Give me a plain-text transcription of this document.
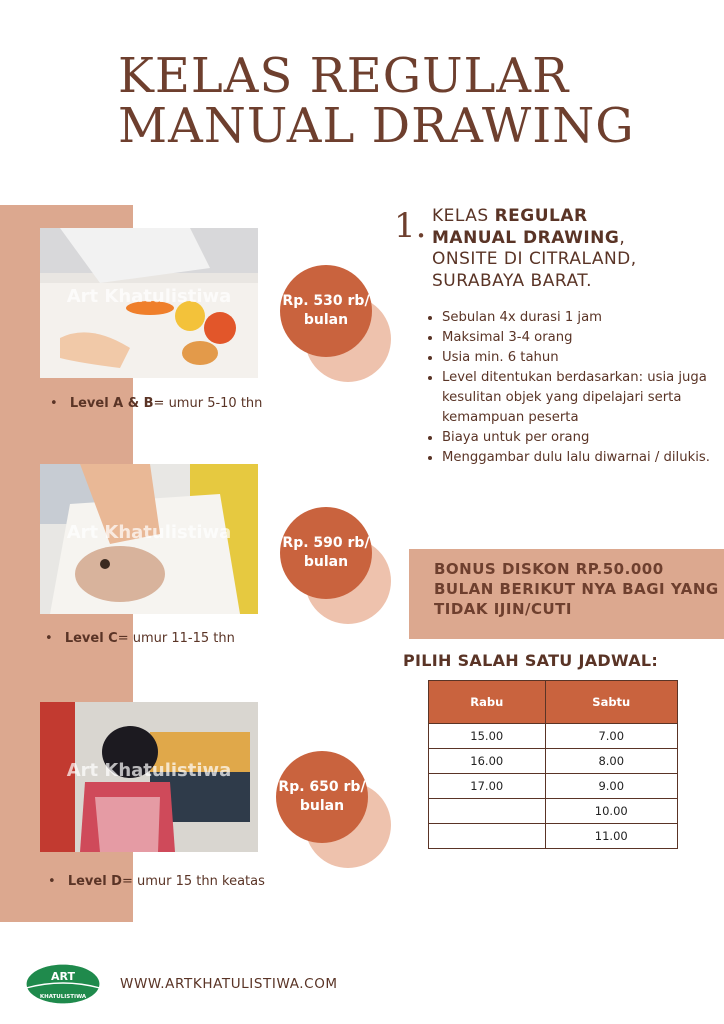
KELAS REGULAR
MANUAL DRAWING
Art Khatulistiwa	Rp. 530 rb/
bulan
• Level A & B= umur 5-10 thn
Art Khatulistiwa
Rp. 590 rb/
bulan
• Level C= umur 11-15 thn
Art Khatulistiwa
Rp. 650 rb/
bulan
• Level D= umur 15 thn keatas
1. KELAS REGULAR
MANUAL DRAWING,
ONSITE DI CITRALAND,
SURABAYA BARAT.
• Sebulan 4x durasi 1 jam
• Maksimal 3-4 orang
• Usia min. 6 tahun
• Level ditentukan berdasarkan: usia juga kesulitan objek yang dipelajari serta kemampuan peserta
• Biaya untuk per orang
• Menggambar dulu lalu diwarnai / dilukis.
BONUS DISKON RP.50.000 BULAN BERIKUT NYA BAGI YANG TIDAK IJIN/CUTI
PILIH SALAH SATU JADWAL:
Rabu	Sabtu
15.00	7.00
16.00	8.00
17.00	9.00
	10.00
	11.00
ART
KHATULISTIWA
WWW.ARTKHATULISTIWA.COM
